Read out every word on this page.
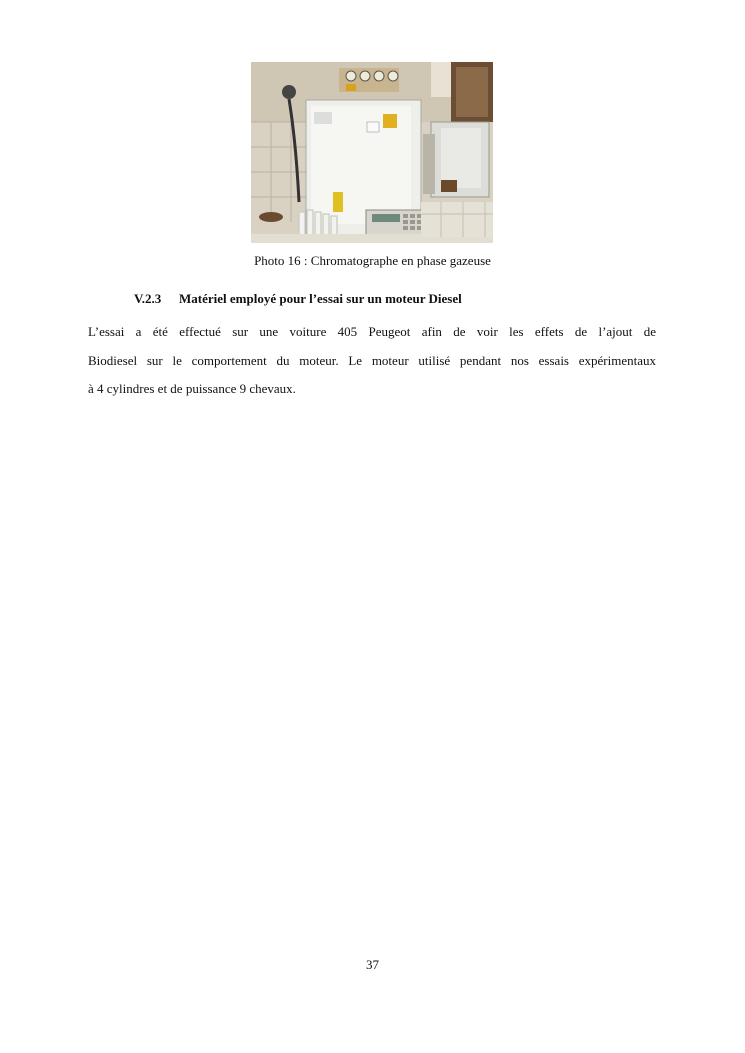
Photo 16 : Chromatographe en phase gazeuse
V.2.3 Matériel employé pour l’essai sur un moteur Diesel
L’essai a été effectué sur une voiture 405 Peugeot afin de voir les effets de l’ajout de
Biodiesel sur le comportement du moteur. Le moteur utilisé pendant nos essais expérimentaux
à 4 cylindres et de puissance 9 chevaux.
37
